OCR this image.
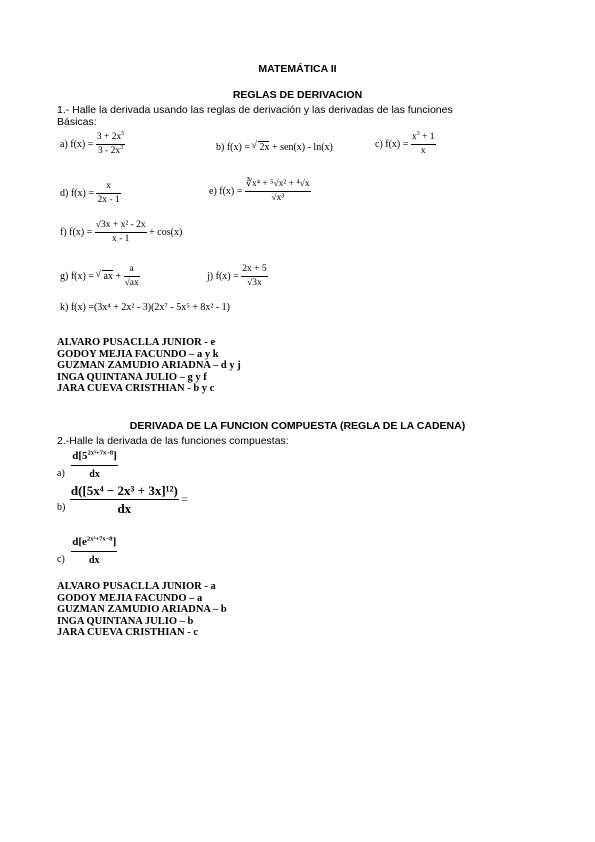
MATEMÁTICA II
REGLAS DE DERIVACION
1.- Halle la derivada usando las reglas de derivación y las derivadas de las funciones
Básicas:
a) $f(x) = \frac{3 + 2x^5}{3 - 2x^3}$	b) f(x) = √ 2x + sen(x) - ln(x)	c) $f(x) = \frac{x^3 + 1}{x}$
d) $f(x) = \frac{x}{2x - 1}$	e) $f(x) = \frac{\text{∛x⁴ + ⁵√x² + ⁴√x}}{\text{√x³}}$
f) $f(x) = \frac{\text{√3x + x² - 2x}}{x - 1} + \cos(x)$
g) f(x) = √ ax + $\frac{a}{√ax}$	j) $f(x) = \frac{2x + 5}{√3x}$
k) f(x) =(3x⁴ + 2x² - 3)(2x⁷ - 5x⁵ + 8x² - 1)
ALVARO PUSACLLA JUNIOR - e
GODOY MEJIA FACUNDO – a y k
GUZMAN ZAMUDIO ARIADNA – d y j
INGA QUINTANA JULIO – g y f
JARA CUEVA CRISTHIAN - b y c
DERIVADA DE LA FUNCION COMPUESTA (REGLA DE LA CADENA)
2.-Halle la derivada de las funciones compuestas:
$a) \frac{d[5^{2x^3+7x-8}]}{dx}$
$b) \frac{\text{d([5x⁴ − 2x³ + 3x]¹²)}}{dx}$ =
$c) \frac{d[e^{2x^3+7x-8}]}{dx}$
ALVARO PUSACLLA JUNIOR - a
GODOY MEJIA FACUNDO – a
GUZMAN ZAMUDIO ARIADNA – b
INGA QUINTANA JULIO – b
JARA CUEVA CRISTHIAN - c
